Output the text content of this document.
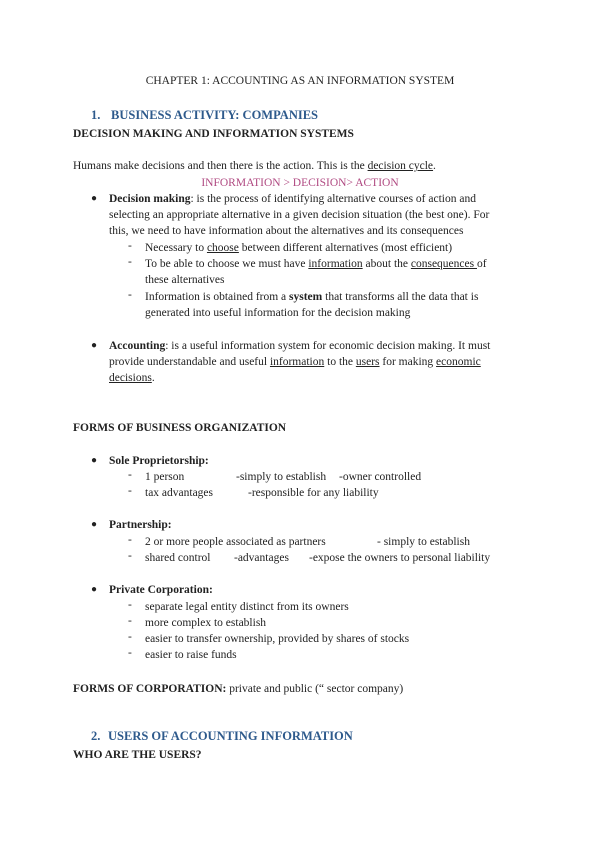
CHAPTER 1: ACCOUNTING AS AN INFORMATION SYSTEM
1. BUSINESS ACTIVITY: COMPANIES
DECISION MAKING AND INFORMATION SYSTEMS
Humans make decisions and then there is the action. This is the decision cycle.
INFORMATION > DECISION> ACTION
● Decision making: is the process of identifying alternative courses of action and
selecting an appropriate alternative in a given decision situation (the best one). For
this, we need to have information about the alternatives and its consequences
- Necessary to choose between different alternatives (most efficient)
- To be able to choose we must have information about the consequences of
these alternatives
- Information is obtained from a system that transforms all the data that is
generated into useful information for the decision making
● Accounting: is a useful information system for economic decision making. It must
provide understandable and useful information to the users for making economic
decisions.
FORMS OF BUSINESS ORGANIZATION
● Sole Proprietorship:
- 1 person	-simply to establish -owner controlled
- tax advantages	-responsible for any liability
● Partnership:
- 2 or more people associated as partners	- simply to establish
- shared control -advantages -expose the owners to personal liability
● Private Corporation:
- separate legal entity distinct from its owners
- more complex to establish
- easier to transfer ownership, provided by shares of stocks
- easier to raise funds
FORMS OF CORPORATION: private and public (“ sector company)
2. USERS OF ACCOUNTING INFORMATION
WHO ARE THE USERS?
